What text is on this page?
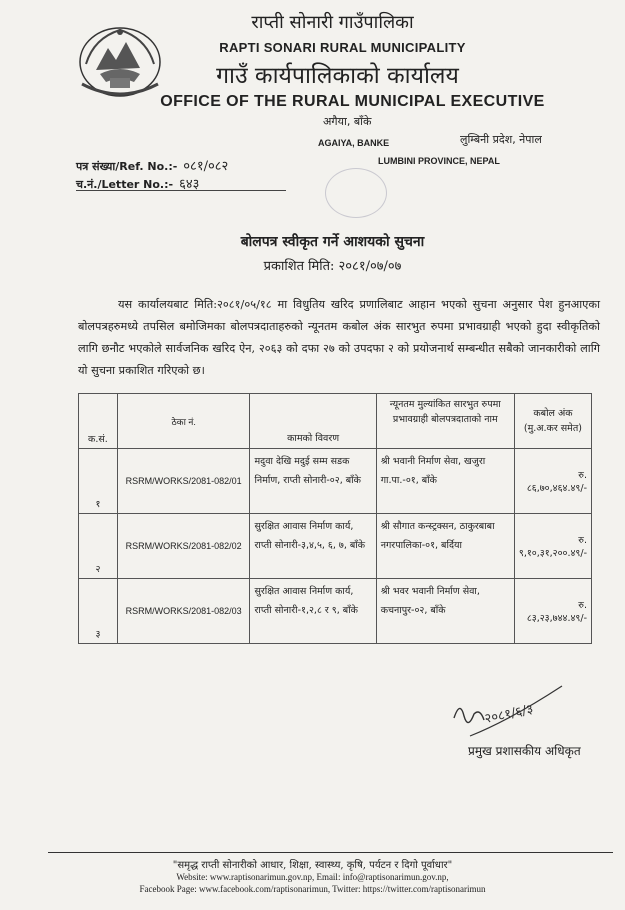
राप्ती सोनारी गाउँपालिका
RAPTI SONARI RURAL MUNICIPALITY
गाउँ कार्यपालिकाको कार्यालय
OFFICE OF THE RURAL MUNICIPAL EXECUTIVE
अगैया, बाँके
AGAIYA, BANKE	लुम्बिनी प्रदेश, नेपाल
LUMBINI PROVINCE, NEPAL
पत्र संख्या/Ref. No.:- ०८१/०८२
च.नं./Letter No.:- ६४३
बोलपत्र स्वीकृत गर्ने आशयको सुचना
प्रकाशित मिति: २०८१/०७/०७
यस कार्यालयबाट मिति:२०८१/०५/१८ मा विधुतिय खरिद प्रणालिबाट आहान भएको सुचना अनुसार पेश हुनआएका बोलपत्रहरुमध्ये तपसिल बमोजिमका बोलपत्रदाताहरुको न्यूनतम कबोल अंक सारभुत रुपमा प्रभावग्राही भएको हुदा स्वीकृतिको लागि छनौट भएकोले सार्वजनिक खरिद ऐन, २०६३ को दफा २७ को उपदफा २ को प्रयोजनार्थ सम्बन्धीत सबैको जानकारीको लागि यो सुचना प्रकाशित गरिएको छ।
क.सं.	ठेका नं.	कामको विवरण	न्यूनतम मुल्यांकित सारभुत रुपमा प्रभावग्राही बोलपत्रदाताको नाम	कबोल अंक (मु.अ.कर समेत)
१	RSRM/WORKS/2081-082/01	मदुवा देखि मदुई सम्म सडक निर्माण, राप्ती सोनारी-०२, बाँके	श्री भवानी निर्माण सेवा, खजुरा गा.पा.-०१, बाँके	रु. ८६,७०,४६४.४९/-
२	RSRM/WORKS/2081-082/02	सुरक्षित आवास निर्माण कार्य, राप्ती सोनारी-३,४,५, ६, ७, बाँके	श्री सौगात कन्स्ट्रक्सन, ठाकुरबाबा नगरपालिका-०१, बर्दिया	रु. ९,१०,३१,२००.४९/-
३	RSRM/WORKS/2081-082/03	सुरक्षित आवास निर्माण कार्य, राप्ती सोनारी-१,२,८ र ९, बाँके	श्री भवर भवानी निर्माण सेवा, कचनापुर-०२, बाँके	रु. ८३,२३,७४४.४९/-
२०८१/६/३
प्रमुख प्रशासकीय अधिकृत
"समृद्ध राप्ती सोनारीको आधार, शिक्षा, स्वास्थ्य, कृषि, पर्यटन र दिगो पूर्वाधार"
Website: www.raptisonarimun.gov.np, Email: info@raptisonarimun.gov.np,
Facebook Page: www.facebook.com/raptisonarimun, Twitter: https://twitter.com/raptisonarimun
